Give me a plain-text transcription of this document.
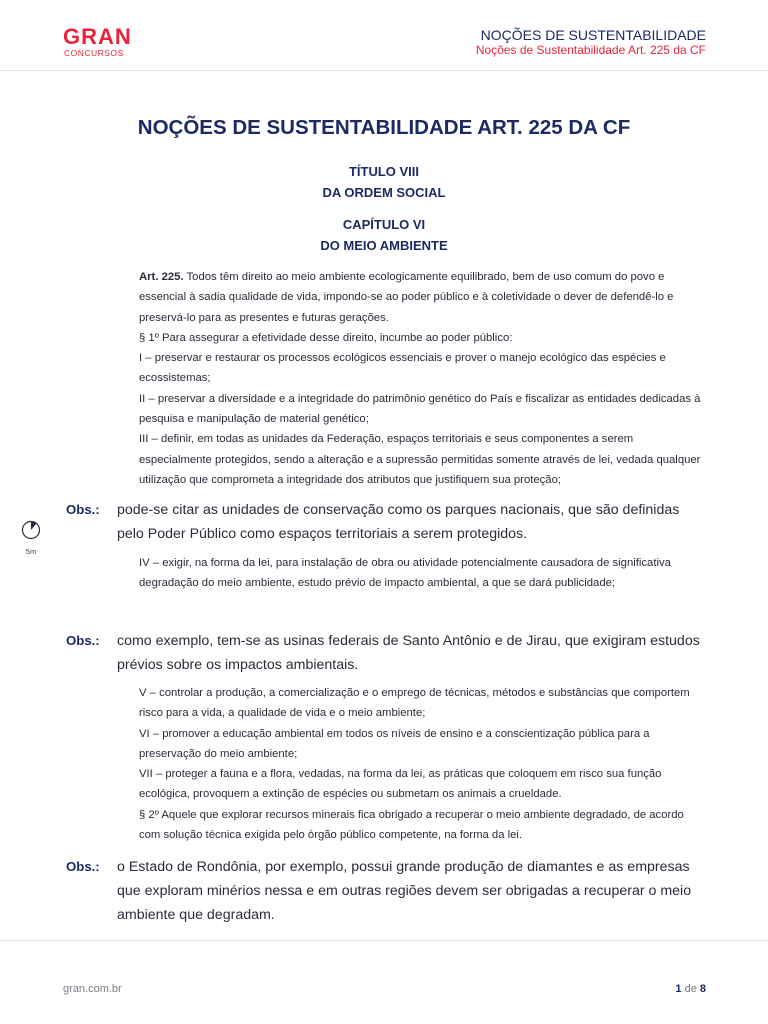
GRAN
CONCURSOS
NOÇÕES DE SUSTENTABILIDADE
Noções de Sustentabilidade Art. 225 da CF
NOÇÕES DE SUSTENTABILIDADE ART. 225 DA CF
TÍTULO VIII
DA ORDEM SOCIAL
CAPÍTULO VI
DO MEIO AMBIENTE

Art. 225. Todos têm direito ao meio ambiente ecologicamente equilibrado, bem de uso comum do povo e essencial à sadia qualidade de vida, impondo-se ao poder público e à coletividade o dever de defendê-lo e preservá-lo para as presentes e futuras gerações.

§ 1º Para assegurar a efetividade desse direito, incumbe ao poder público:

I – preservar e restaurar os processos ecológicos essenciais e prover o manejo ecológico das espécies e ecossistemas;

II – preservar a diversidade e a integridade do patrimônio genético do País e fiscalizar as entidades dedicadas à pesquisa e manipulação de material genético;

III – definir, em todas as unidades da Federação, espaços territoriais e seus componentes a serem especialmente protegidos, sendo a alteração e a supressão permitidas somente através de lei, vedada qualquer utilização que comprometa a integridade dos atributos que justifiquem sua proteção;

5m
Obs.: pode-se citar as unidades de conservação como os parques nacionais, que são definidas pelo Poder Público como espaços territoriais a serem protegidos.

IV – exigir, na forma da lei, para instalação de obra ou atividade potencialmente causadora de significativa degradação do meio ambiente, estudo prévio de impacto ambiental, a que se dará publicidade;

Obs.: como exemplo, tem-se as usinas federais de Santo Antônio e de Jirau, que exigiram estudos prévios sobre os impactos ambientais.

V – controlar a produção, a comercialização e o emprego de técnicas, métodos e substâncias que comportem risco para a vida, a qualidade de vida e o meio ambiente;

VI – promover a educação ambiental em todos os níveis de ensino e a conscientização pública para a preservação do meio ambiente;

VII – proteger a fauna e a flora, vedadas, na forma da lei, as práticas que coloquem em risco sua função ecológica, provoquem a extinção de espécies ou submetam os animais a crueldade.

§ 2º Aquele que explorar recursos minerais fica obrigado a recuperar o meio ambiente degradado, de acordo com solução técnica exigida pelo órgão público competente, na forma da lei.

Obs.: o Estado de Rondônia, por exemplo, possui grande produção de diamantes e as empresas que exploram minérios nessa e em outras regiões devem ser obrigadas a recuperar o meio ambiente que degradam.
gran.com.br	1 de 8
